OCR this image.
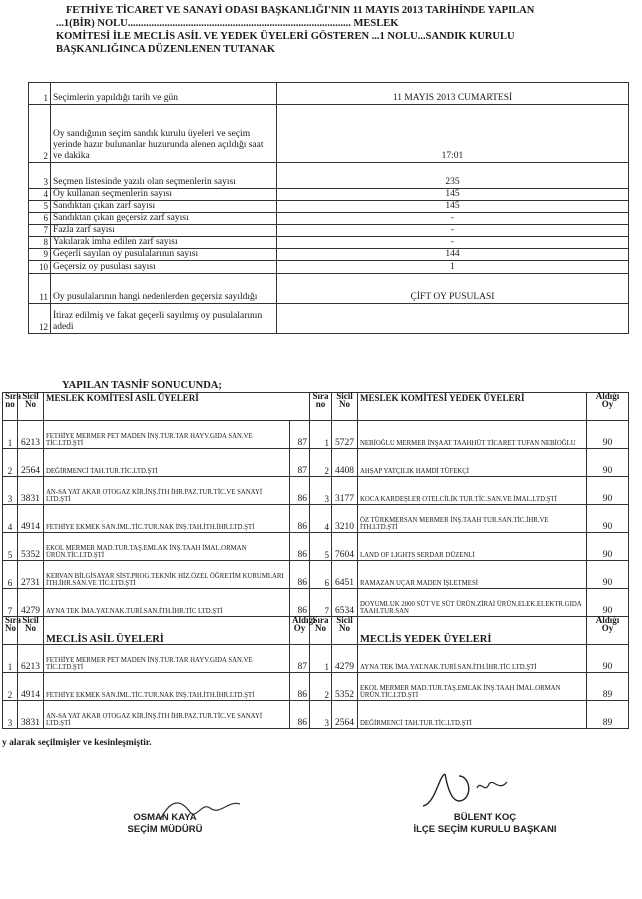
FETHİYE TİCARET VE SANAYİ ODASI BAŞKANLIĞI'NIN 11 MAYIS 2013 TARİHİNDE YAPILAN
...1(BİR) NOLU..................................................................................... MESLEK
KOMİTESİ İLE MECLİS ASİL VE YEDEK ÜYELERİ GÖSTEREN ...1 NOLU...SANDIK KURULU
BAŞKANLIĞINCA DÜZENLENEN TUTANAK
1	Seçimlerin yapıldığı tarih ve gün	11 MAYIS 2013 CUMARTESİ
2	Oy sandığının seçim sandık kurulu üyeleri ve seçim yerinde hazır bulunanlar huzurunda alenen açıldığı saat ve dakika	17:01
3	Seçmen listesinde yazılı olan seçmenlerin sayısı	235
4	Oy kullanan seçmenlerin sayısı	145
5	Sandıktan çıkan zarf sayısı	145
6	Sandıktan çıkan geçersiz zarf sayısı	-
7	Fazla zarf sayısı	-
8	Yakılarak imha edilen zarf sayısı	-
9	Geçerli sayılan oy pusulalarının sayısı	144
10	Geçersiz oy pusulası sayısı	1
11	Oy pusulalarının hangi nedenlerden geçersiz sayıldığı	ÇİFT OY PUSULASI
12	İtiraz edilmiş ve fakat geçerli sayılmış oy pusulalarının adedi	
YAPILAN TASNİF SONUCUNDA;
Sıra no	Sicil No	MESLEK KOMİTESİ ASİL ÜYELERİ		Sıra no	Sicil No	MESLEK KOMİTESİ YEDEK ÜYELERİ	Aldığı Oy
1	6213	FETHİYE MERMER PET MADEN İNŞ.TUR.TAR HAYV.GIDA SAN.VE TİC.LTD.ŞTİ	87	1	5727	NEBİOĞLU MERMER İNŞAAT TAAHHÜT TİCARET TUFAN NEBİOĞLU	90
2	2564	DEĞİRMENCİ TAH.TUR.TİC.LTD.ŞTİ	87	2	4408	AHŞAP YATÇILIK HAMDİ TÜFEKÇİ	90
3	3831	AN-SA YAT AKAR OTOGAZ KİR.İNŞ.İTH İHR.PAZ.TUR.TİC.VE SANAYİ LTD.ŞTİ	86	3	3177	KOCA KARDEŞLER OTELCİLİK TUR.TİC.SAN.VE İMAL.LTD.ŞTİ	90
4	4914	FETHİYE EKMEK SAN.İML.TİC.TUR.NAK İNŞ.TAH.İTH.İHR.LTD.ŞTİ	86	4	3210	ÖZ TÜRKMERSAN MERMER İNŞ.TAAH TUR.SAN.TİC.İHR.VE İTH.LTD.ŞTİ	90
5	5352	EKOL MERMER MAD.TUR.TAŞ.EMLAK İNŞ.TAAH İMAL.ORMAN ÜRÜN.TİC.LTD.ŞTİ	86	5	7604	LAND OF LIGHTS SERDAR DÜZENLİ	90
6	2731	KERVAN BİLGİSAYAR SİST.PROG.TEKNİK HİZ.ÖZEL ÖĞRETİM KURUMLARI İTH.İHR.SAN.VE TİC.LTD.ŞTİ	86	6	6451	RAMAZAN UÇAR MADEN İŞLETMESİ	90
7	4279	AYNA TEK İMA.YAT.NAK.TURİ.SAN.İTH.İHR.TİC LTD.ŞTİ	86	7	6534	DOYUMLUK 2000 SÜT VE SÜT ÜRÜN.ZİRAİ ÜRÜN.ELEK.ELEKTR.GIDA TAAH.TUR.SAN	90
Sıra No	Sicil No	MECLİS ASİL ÜYELERİ	Aldığı Oy	Sıra No	Sicil No	MECLİS YEDEK ÜYELERİ	Aldığı Oy
1	6213	FETHİYE MERMER PET MADEN İNŞ.TUR.TAR HAYV.GIDA SAN.VE TİC.LTD.ŞTİ	87	1	4279	AYNA TEK İMA.YAT.NAK.TURİ.SAN.İTH.İHR.TİC LTD.ŞTİ	90
2	4914	FETHİYE EKMEK SAN.İML.TİC.TUR.NAK İNŞ.TAH.İTH.İHR.LTD.ŞTİ	86	2	5352	EKOL MERMER MAD.TUR.TAŞ.EMLAK İNŞ.TAAH İMAL.ORMAN ÜRÜN.TİC.LTD.ŞTİ	89
3	3831	AN-SA YAT AKAR OTOGAZ KİR.İNŞ.İTH İHR.PAZ.TUR.TİC.VE SANAYİ LTD.ŞTİ	86	3	2564	DEĞİRMENCİ TAH.TUR.TİC.LTD.ŞTİ	89
y alarak seçilmişler ve kesinleşmiştir.
OSMAN KAYA
SEÇİM MÜDÜRÜ
BÜLENT KOÇ
İLÇE SEÇİM KURULU BAŞKANI
